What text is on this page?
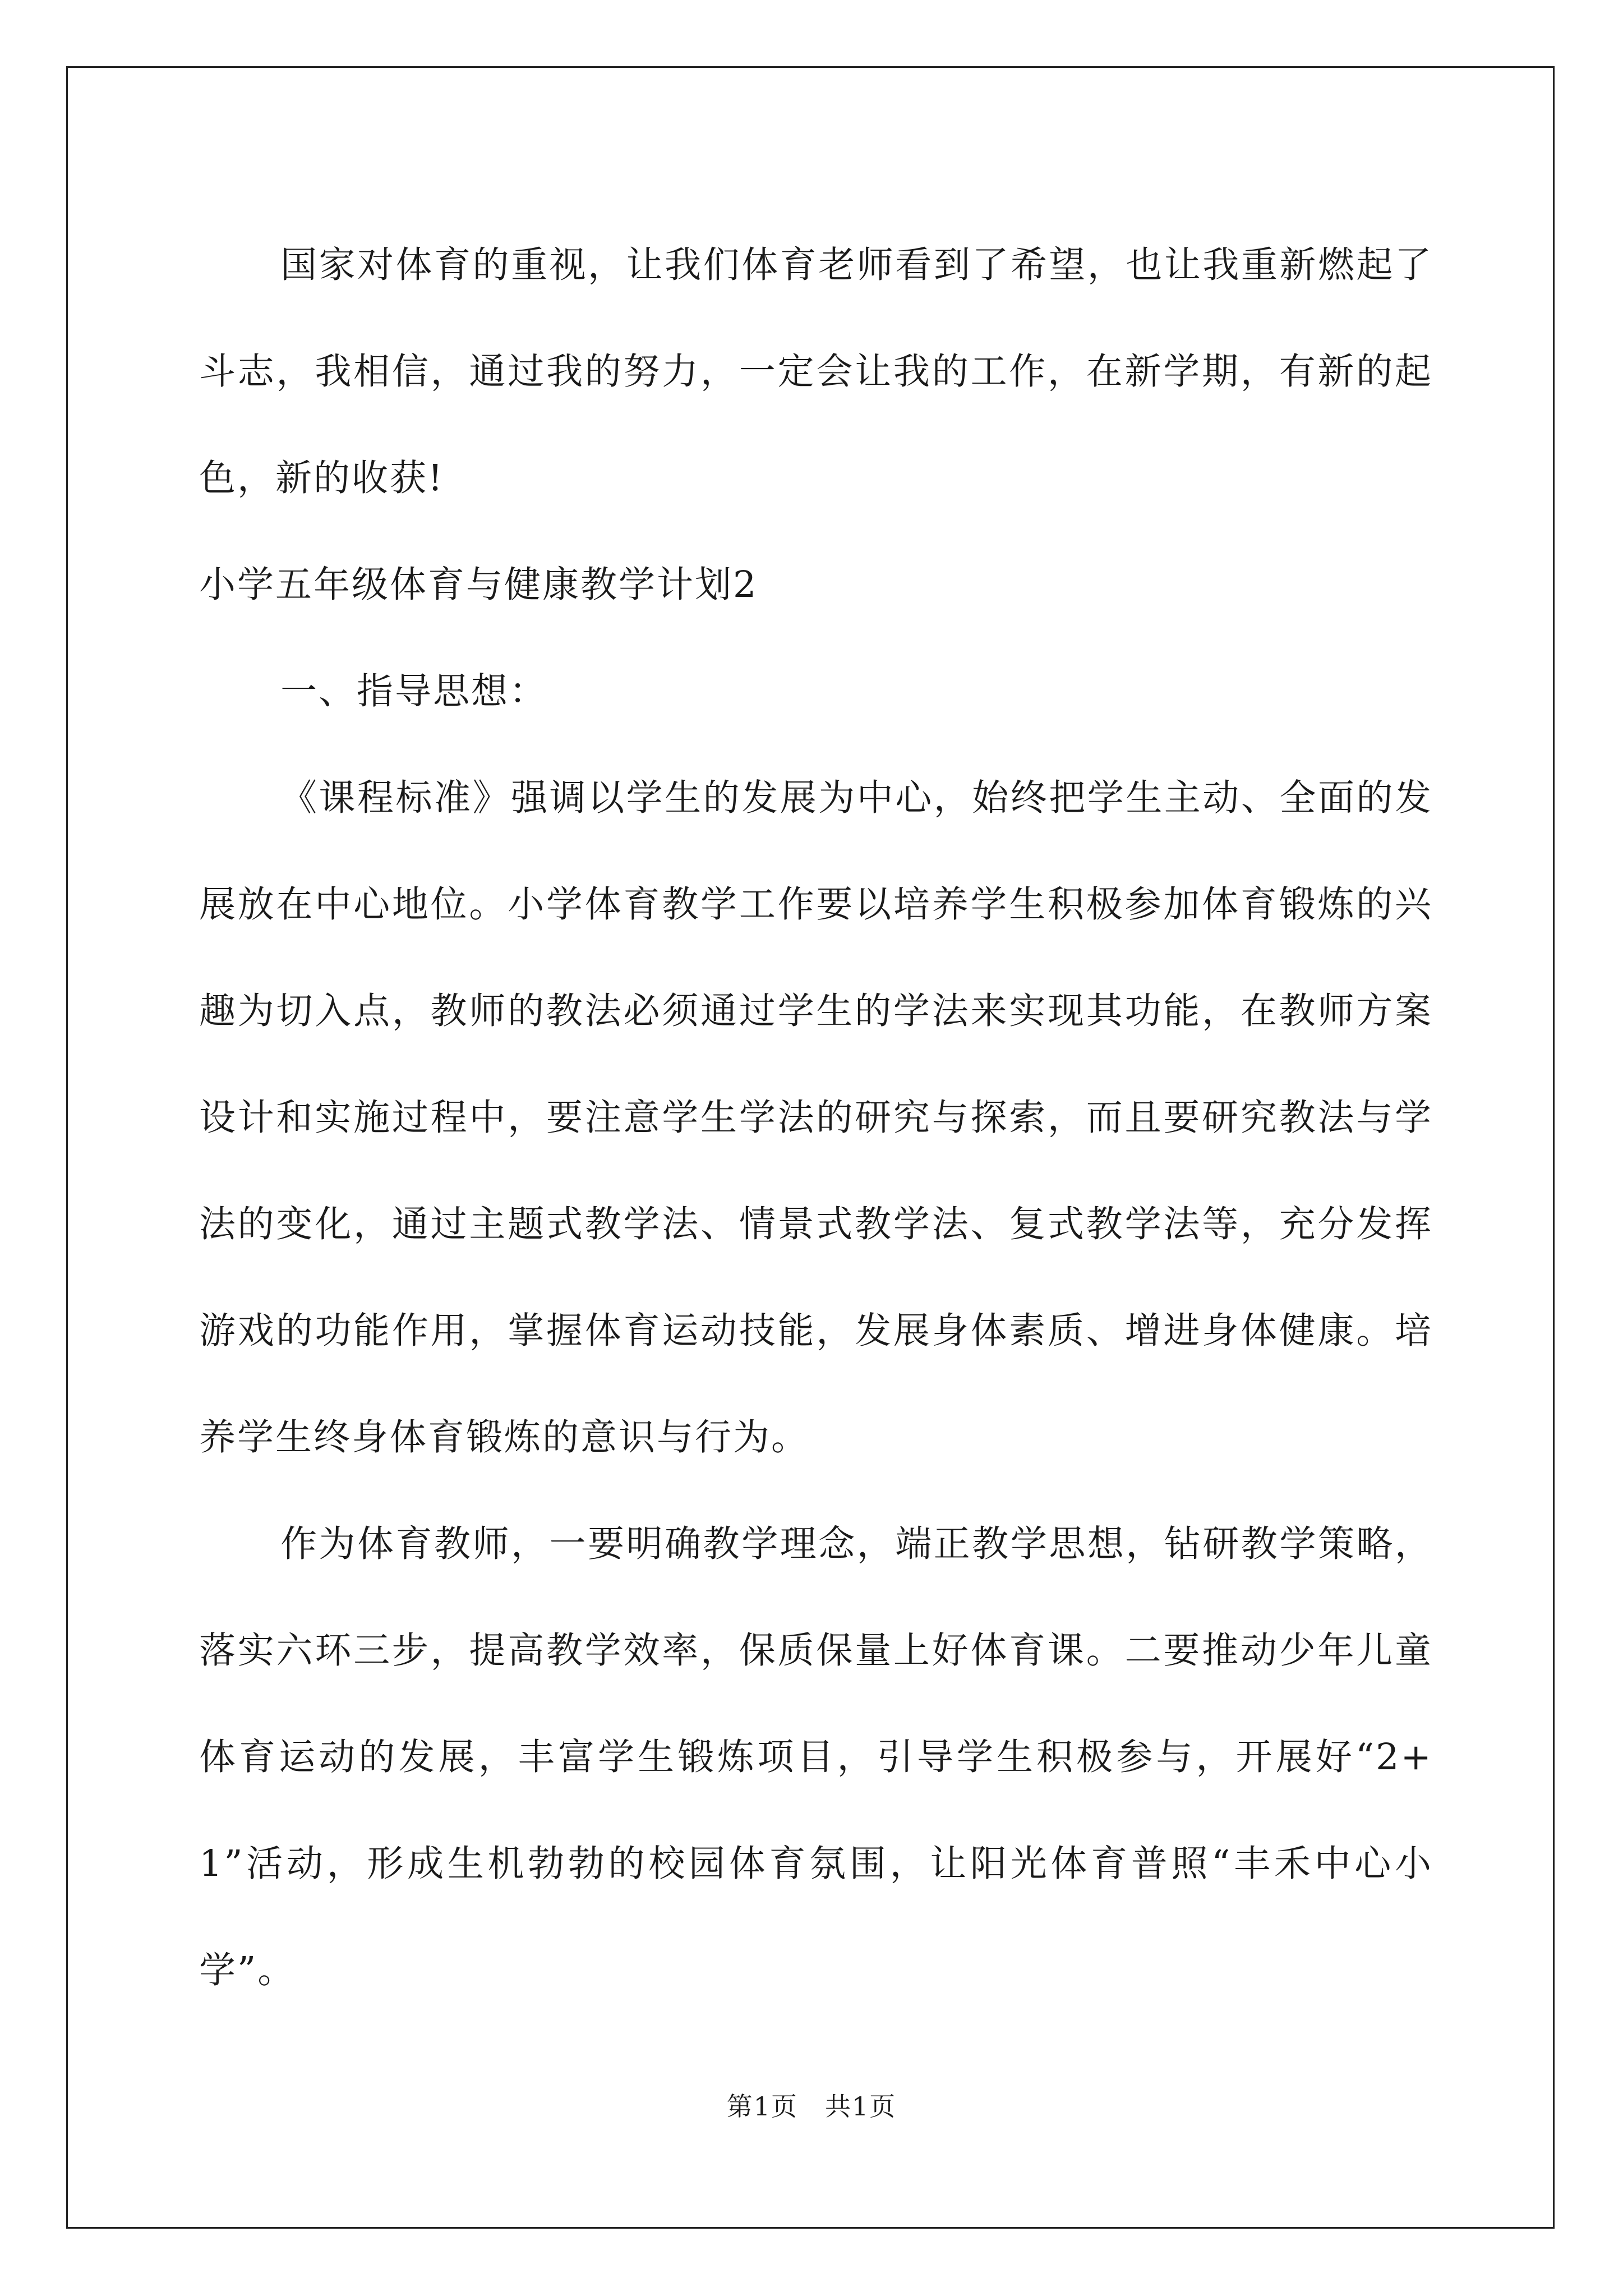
国家对体育的重视，让我们体育老师看到了希望，也让我重新燃起了斗志，我相信，通过我的努力，一定会让我的工作，在新学期，有新的起色，新的收获!

小学五年级体育与健康教学计划2

一、指导思想：

《课程标准》强调以学生的发展为中心，始终把学生主动、全面的发展放在中心地位。小学体育教学工作要以培养学生积极参加体育锻炼的兴趣为切入点，教师的教法必须通过学生的学法来实现其功能，在教师方案设计和实施过程中，要注意学生学法的研究与探索，而且要研究教法与学法的变化，通过主题式教学法、情景式教学法、复式教学法等，充分发挥游戏的功能作用，掌握体育运动技能，发展身体素质、增进身体健康。培养学生终身体育锻炼的意识与行为。

作为体育教师，一要明确教学理念，端正教学思想，钻研教学策略，落实六环三步，提高教学效率，保质保量上好体育课。二要推动少年儿童体育运动的发展，丰富学生锻炼项目，引导学生积极参与，开展好“2+1”活动，形成生机勃勃的校园体育氛围，让阳光体育普照“丰禾中心小学”。

第1页　共1页
